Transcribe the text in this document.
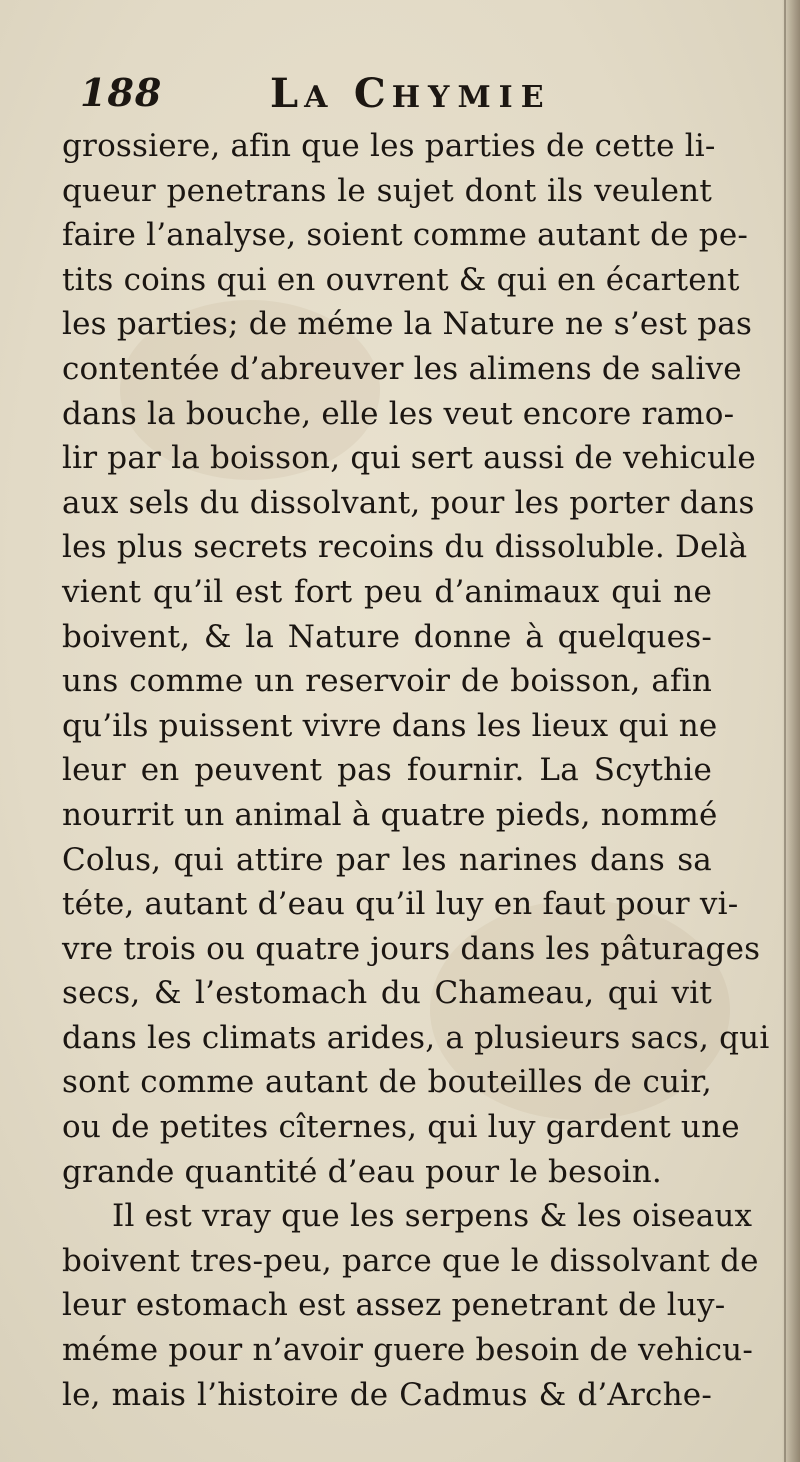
188	LA CHYMIE
grossiere, afin que les parties de cette li-
queur penetrans le sujet dont ils veulent
faire l’analyse, soient comme autant de pe-
tits coins qui en ouvrent & qui en écartent
les parties; de méme la Nature ne s’est pas
contentée d’abreuver les alimens de salive
dans la bouche, elle les veut encore ramo-
lir par la boisson, qui sert aussi de vehicule
aux sels du dissolvant, pour les porter dans
les plus secrets recoins du dissoluble. Delà
vient qu’il est fort peu d’animaux qui ne
boivent, & la Nature donne à quelques-
uns comme un reservoir de boisson, afin
qu’ils puissent vivre dans les lieux qui ne
leur en peuvent pas fournir. La Scythie
nourrit un animal à quatre pieds, nommé
Colus, qui attire par les narines dans sa
téte, autant d’eau qu’il luy en faut pour vi-
vre trois ou quatre jours dans les pâturages
secs, & l’estomach du Chameau, qui vit
dans les climats arides, a plusieurs sacs, qui
sont comme autant de bouteilles de cuir,
ou de petites cîternes, qui luy gardent une
grande quantité d’eau pour le besoin.
Il est vray que les serpens & les oiseaux
boivent tres-peu, parce que le dissolvant de
leur estomach est assez penetrant de luy-
méme pour n’avoir guere besoin de vehicu-
le, mais l’histoire de Cadmus & d’Arche-
